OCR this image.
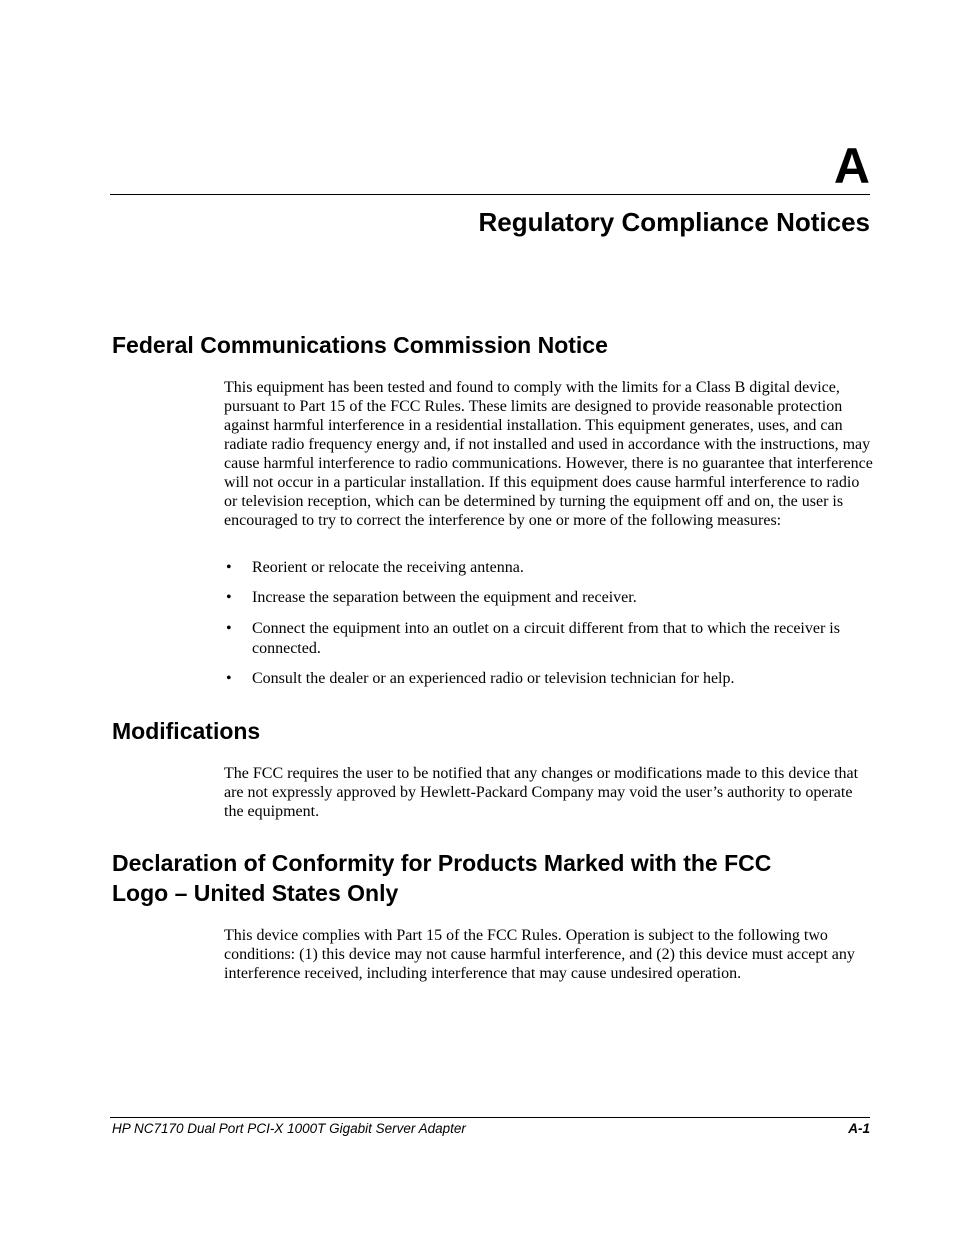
A
Regulatory Compliance Notices
Federal Communications Commission Notice

This equipment has been tested and found to comply with the limits for a Class B digital device, pursuant to Part 15 of the FCC Rules. These limits are designed to provide reasonable protection against harmful interference in a residential installation. This equipment generates, uses, and can radiate radio frequency energy and, if not installed and used in accordance with the instructions, may cause harmful interference to radio communications. However, there is no guarantee that interference will not occur in a particular installation. If this equipment does cause harmful interference to radio or television reception, which can be determined by turning the equipment off and on, the user is encouraged to try to correct the interference by one or more of the following measures:

• Reorient or relocate the receiving antenna.
• Increase the separation between the equipment and receiver.
• Connect the equipment into an outlet on a circuit different from that to which the receiver is connected.
• Consult the dealer or an experienced radio or television technician for help.
Modifications

The FCC requires the user to be notified that any changes or modifications made to this device that are not expressly approved by Hewlett-Packard Company may void the user’s authority to operate the equipment.

Declaration of Conformity for Products Marked with the FCC
Logo – United States Only

This device complies with Part 15 of the FCC Rules. Operation is subject to the following two conditions: (1) this device may not cause harmful interference, and (2) this device must accept any interference received, including interference that may cause undesired operation.

HP NC7170 Dual Port PCI-X 1000T Gigabit Server Adapter	A-1
